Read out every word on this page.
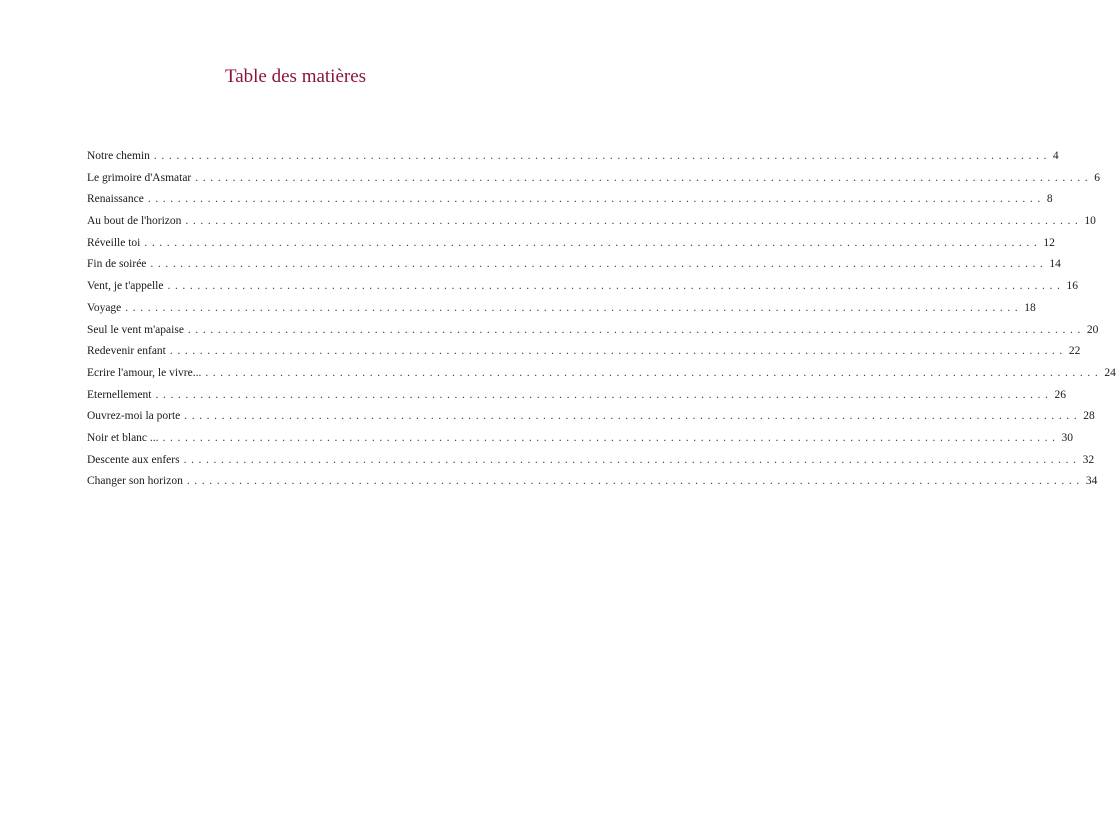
Table des matières
Notre chemin ........................................................................................................................ 4
Le grimoire d'Asmatar ........................................................................................................................ 6
Renaissance ........................................................................................................................ 8
Au bout de l'horizon ........................................................................................................................ 10
Réveille toi ........................................................................................................................ 12
Fin de soirée ........................................................................................................................ 14
Vent, je t'appelle ........................................................................................................................ 16
Voyage ........................................................................................................................ 18
Seul le vent m'apaise ........................................................................................................................ 20
Redevenir enfant ........................................................................................................................ 22
Ecrire l'amour, le vivre... ........................................................................................................................ 24
Eternellement ........................................................................................................................ 26
Ouvrez-moi la porte ........................................................................................................................ 28
Noir et blanc ... ........................................................................................................................ 30
Descente aux enfers ........................................................................................................................ 32
Changer son horizon ........................................................................................................................ 34
